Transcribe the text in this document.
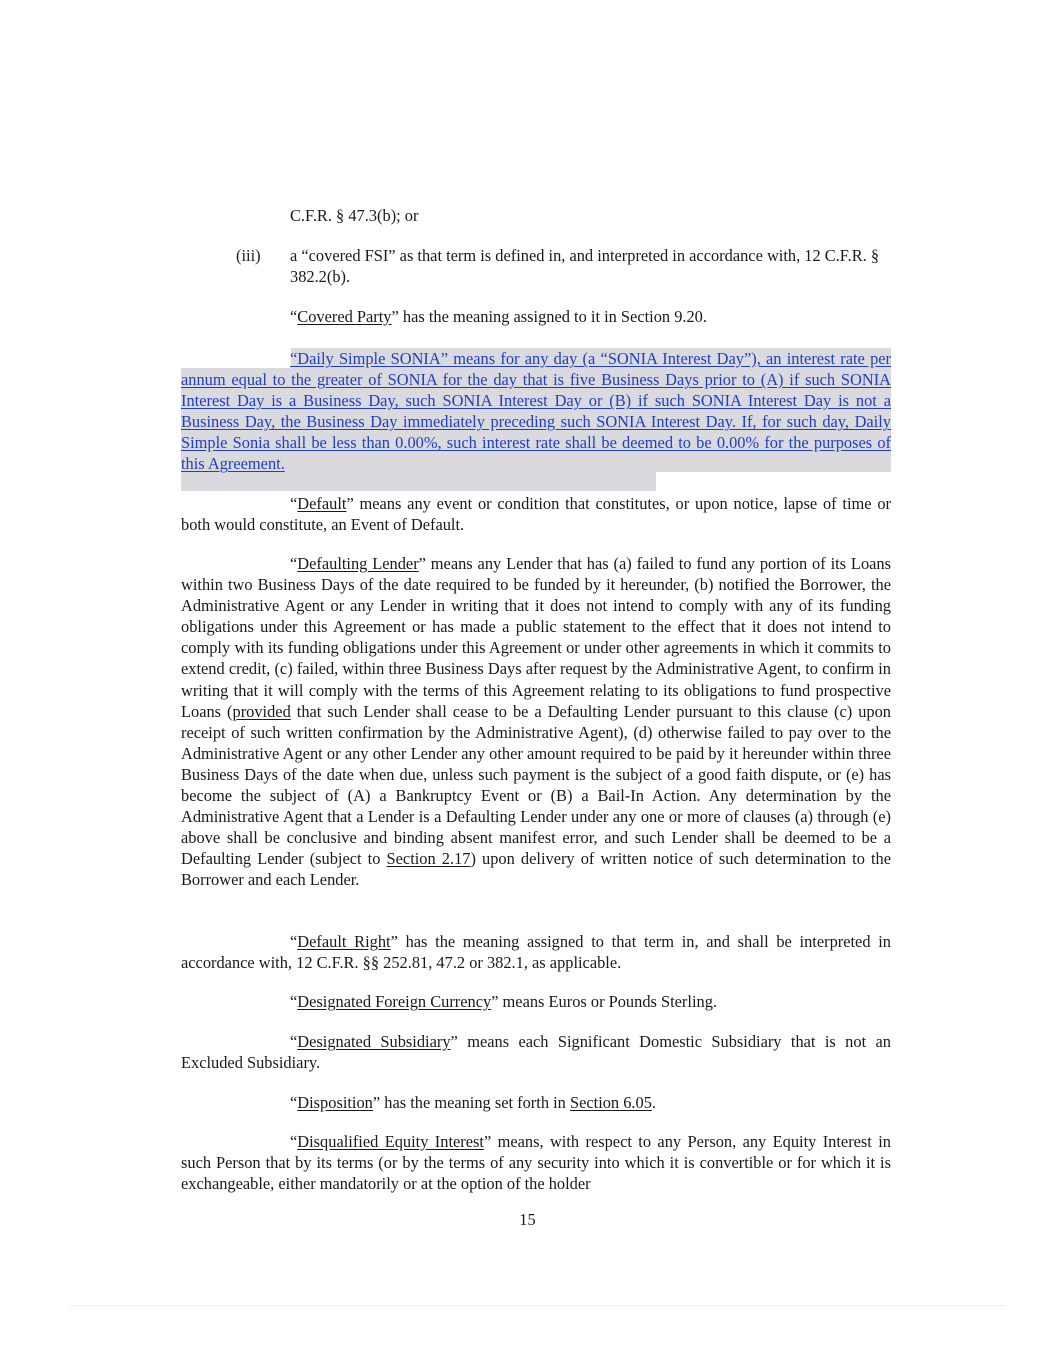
C.F.R. § 47.3(b); or
(iii) a “covered FSI” as that term is defined in, and interpreted in accordance with, 12 C.F.R. § 382.2(b).
“Covered Party” has the meaning assigned to it in Section 9.20.
“Daily Simple SONIA” means for any day (a “SONIA Interest Day”), an interest rate per annum equal to the greater of SONIA for the day that is five Business Days prior to (A) if such SONIA Interest Day is a Business Day, such SONIA Interest Day or (B) if such SONIA Interest Day is not a Business Day, the Business Day immediately preceding such SONIA Interest Day. If, for such day, Daily Simple Sonia shall be less than 0.00%, such interest rate shall be deemed to be 0.00% for the purposes of this Agreement.
“Default” means any event or condition that constitutes, or upon notice, lapse of time or both would constitute, an Event of Default.
“Defaulting Lender” means any Lender that has (a) failed to fund any portion of its Loans within two Business Days of the date required to be funded by it hereunder, (b) notified the Borrower, the Administrative Agent or any Lender in writing that it does not intend to comply with any of its funding obligations under this Agreement or has made a public statement to the effect that it does not intend to comply with its funding obligations under this Agreement or under other agreements in which it commits to extend credit, (c) failed, within three Business Days after request by the Administrative Agent, to confirm in writing that it will comply with the terms of this Agreement relating to its obligations to fund prospective Loans (provided that such Lender shall cease to be a Defaulting Lender pursuant to this clause (c) upon receipt of such written confirmation by the Administrative Agent), (d) otherwise failed to pay over to the Administrative Agent or any other Lender any other amount required to be paid by it hereunder within three Business Days of the date when due, unless such payment is the subject of a good faith dispute, or (e) has become the subject of (A) a Bankruptcy Event or (B) a Bail-In Action. Any determination by the Administrative Agent that a Lender is a Defaulting Lender under any one or more of clauses (a) through (e) above shall be conclusive and binding absent manifest error, and such Lender shall be deemed to be a Defaulting Lender (subject to Section 2.17) upon delivery of written notice of such determination to the Borrower and each Lender.
“Default Right” has the meaning assigned to that term in, and shall be interpreted in accordance with, 12 C.F.R. §§ 252.81, 47.2 or 382.1, as applicable.
“Designated Foreign Currency” means Euros or Pounds Sterling.
“Designated Subsidiary” means each Significant Domestic Subsidiary that is not an Excluded Subsidiary.
“Disposition” has the meaning set forth in Section 6.05.
“Disqualified Equity Interest” means, with respect to any Person, any Equity Interest in such Person that by its terms (or by the terms of any security into which it is convertible or for which it is exchangeable, either mandatorily or at the option of the holder
15
